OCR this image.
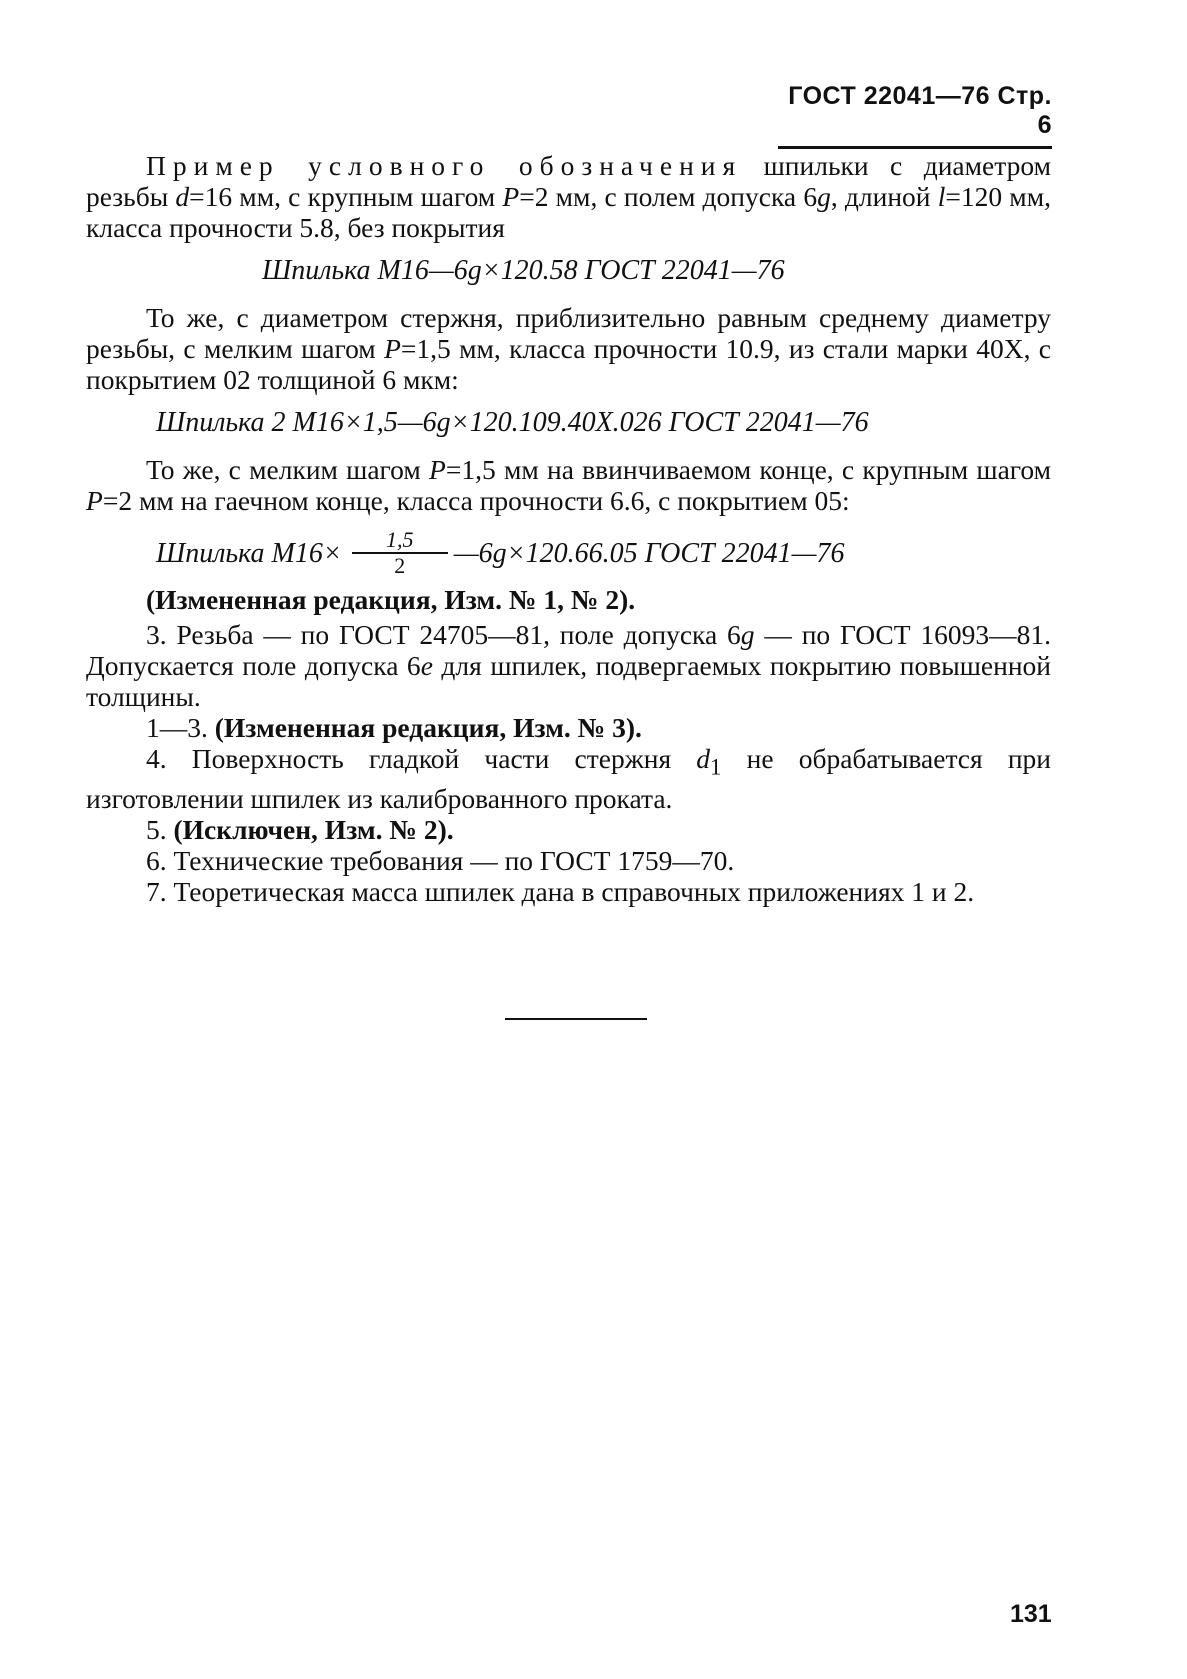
ГОСТ 22041—76 Стр. 6

Пример условного обозначения шпильки с диаметром резьбы d=16 мм, с крупным шагом P=2 мм, с полем допуска 6g, длиной l=120 мм, класса прочности 5.8, без покрытия

Шпилька М16—6g×120.58 ГОСТ 22041—76

То же, с диаметром стержня, приблизительно равным среднему диаметру резьбы, с мелким шагом P=1,5 мм, класса прочности 10.9, из стали марки 40Х, с покрытием 02 толщиной 6 мкм:

Шпилька 2 М16×1,5—6g×120.109.40Х.026 ГОСТ 22041—76

То же, с мелким шагом P=1,5 мм на ввинчиваемом конце, с крупным шагом P=2 мм на гаечном конце, класса прочности 6.6, с покрытием 05:

Шпилька $М16\times \frac{1,5}{2}$ —6g×120.66.05 ГОСТ 22041—76

(Измененная редакция, Изм. № 1, № 2).

3. Резьба — по ГОСТ 24705—81, поле допуска 6g — по ГОСТ 16093—81. Допускается поле допуска 6e для шпилек, подвергаемых покрытию повышенной толщины.

1—3. (Измененная редакция, Изм. № 3).

4. Поверхность гладкой части стержня $d_1$ не обрабатывается при изготовлении шпилек из калиброванного проката.

5. (Исключен, Изм. № 2).

6. Технические требования — по ГОСТ 1759—70.

7. Теоретическая масса шпилек дана в справочных приложениях 1 и 2.

131
